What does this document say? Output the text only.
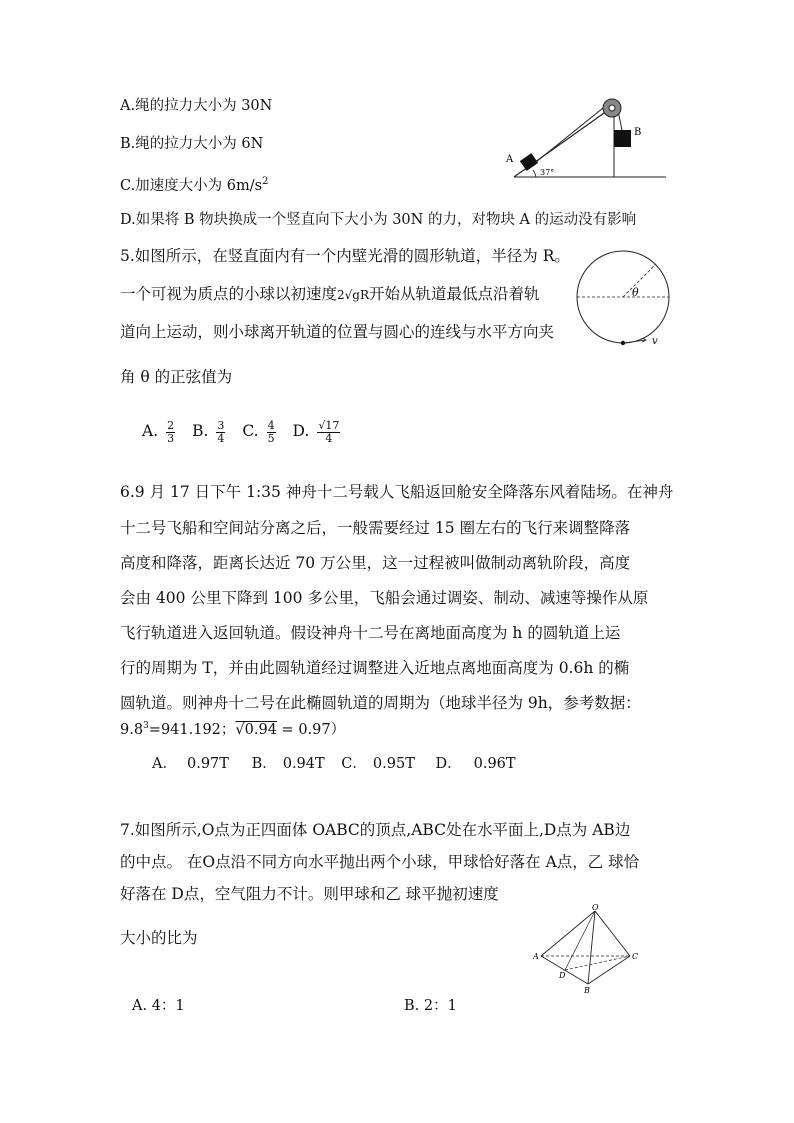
A.绳的拉力大小为 30N
B.绳的拉力大小为 6N
C.加速度大小为 $6m/s^2$
D.如果将 B 物块换成一个竖直向下大小为 30N 的力，对物块 A 的运动没有影响
A
B
37°
5.如图所示，在竖直面内有一个内壁光滑的圆形轨道，半径为 R。
一个可视为质点的小球以初速度2√gR开始从轨道最低点沿着轨
道向上运动，则小球离开轨道的位置与圆心的连线与水平方向夹
角 θ 的正弦值为
A. $\frac{2}{3} B$. $\frac{3}{4} C$. $\frac{4}{5} D$. $\frac{√17}{4}$
θ
v
6.9 月 17 日下午 1:35 神舟十二号载人飞船返回舱安全降落东风着陆场。在神舟
十二号飞船和空间站分离之后，一般需要经过 15 圈左右的飞行来调整降落
高度和降落，距离长达近 70 万公里，这一过程被叫做制动离轨阶段，高度
会由 400 公里下降到 100 多公里，飞船会通过调姿、制动、减速等操作从原
飞行轨道进入返回轨道。假设神舟十二号在离地面高度为 h 的圆轨道上运
行的周期为 T，并由此圆轨道经过调整进入近地点离地面高度为 0.6h 的椭
圆轨道。则神舟十二号在此椭圆轨道的周期为（地球半径为 9h，参考数据：
$9.8^3=941.192$；√0.94 = 0.97）
A． 0.97T B． 0.94T C． 0.95T D． 0.96T
7.如图所示,O点为正四面体 OABC的顶点,ABC处在水平面上,D点为 AB边
的中点。 在O点沿不同方向水平抛出两个小球，甲球恰好落在 A点，乙 球恰
好落在 D点，空气阻力不计。则甲球和乙 球平抛初速度
大小的比为
O
A
B
C
D
A. 4：1	B. 2：1
